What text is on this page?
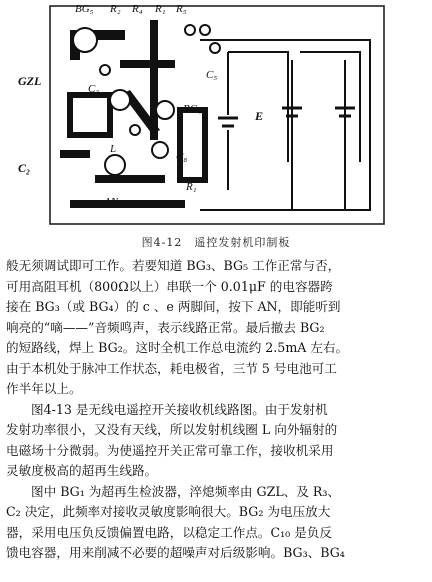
BG₅ R₂ R₄ R₁ R₅
GZL
C₃
C₅
BG₄	E
L
C₈
C₂
R₁
AN
图4-12　遥控发射机印制板

般无须调试即可工作。若要知道 BG₃、BG₅ 工作正常与否，

可用高阻耳机（800Ω以上）串联一个 0.01μF 的电容器跨

接在 BG₃（或 BG₄）的 c 、e 两脚间，按下 AN，即能听到

响亮的“嘀——”音频鸣声，表示线路正常。最后撤去 BG₂

的短路线，焊上 BG₂。这时全机工作总电流约 2.5mA 左右。

由于本机处于脉冲工作状态，耗电极省，三节 5 号电池可工

作半年以上。

图4-13 是无线电遥控开关接收机线路图。由于发射机

发射功率很小，又没有天线，所以发射机线圈 L 向外辐射的

电磁场十分微弱。为使遥控开关正常可靠工作，接收机采用

灵敏度极高的超再生线路。

图中 BG₁ 为超再生检波器，淬熄频率由 GZL、及 R₃、

C₂ 决定，此频率对接收灵敏度影响很大。BG₂ 为电压放大

器，采用电压负反馈偏置电路，以稳定工作点。C₁₀ 是负反

馈电容器，用来削减不必要的超噪声对后级影响。BG₃、BG₄
